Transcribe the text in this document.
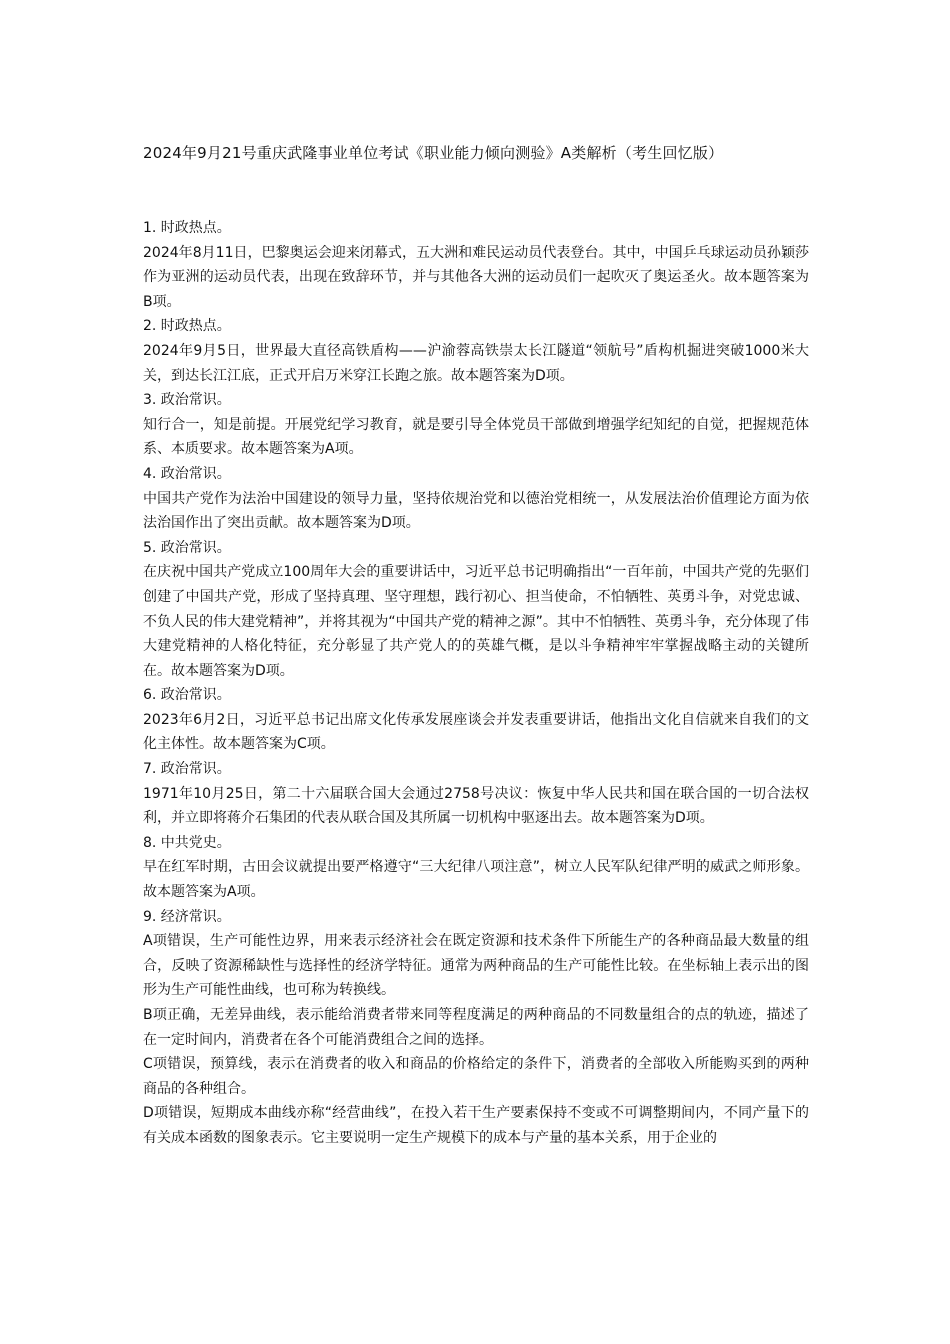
2024年9月21号重庆武隆事业单位考试《职业能力倾向测验》A类解析（考生回忆版）

1. 时政热点。

2024年8月11日，巴黎奥运会迎来闭幕式，五大洲和难民运动员代表登台。其中，中国乒乓球运动员孙颖莎作为亚洲的运动员代表，出现在致辞环节，并与其他各大洲的运动员们一起吹灭了奥运圣火。故本题答案为B项。

2. 时政热点。

2024年9月5日，世界最大直径高铁盾构——沪渝蓉高铁崇太长江隧道“领航号”盾构机掘进突破1000米大关，到达长江江底，正式开启万米穿江长跑之旅。故本题答案为D项。

3. 政治常识。

知行合一，知是前提。开展党纪学习教育，就是要引导全体党员干部做到增强学纪知纪的自觉，把握规范体系、本质要求。故本题答案为A项。

4. 政治常识。

中国共产党作为法治中国建设的领导力量，坚持依规治党和以德治党相统一，从发展法治价值理论方面为依法治国作出了突出贡献。故本题答案为D项。

5. 政治常识。

在庆祝中国共产党成立100周年大会的重要讲话中，习近平总书记明确指出“一百年前，中国共产党的先驱们创建了中国共产党，形成了坚持真理、坚守理想，践行初心、担当使命，不怕牺牲、英勇斗争，对党忠诚、不负人民的伟大建党精神”，并将其视为“中国共产党的精神之源”。其中不怕牺牲、英勇斗争，充分体现了伟大建党精神的人格化特征，充分彰显了共产党人的的英雄气概，是以斗争精神牢牢掌握战略主动的关键所在。故本题答案为D项。

6. 政治常识。

2023年6月2日，习近平总书记出席文化传承发展座谈会并发表重要讲话，他指出文化自信就来自我们的文化主体性。故本题答案为C项。

7. 政治常识。

1971年10月25日，第二十六届联合国大会通过2758号决议：恢复中华人民共和国在联合国的一切合法权利，并立即将蒋介石集团的代表从联合国及其所属一切机构中驱逐出去。故本题答案为D项。

8. 中共党史。

早在红军时期，古田会议就提出要严格遵守“三大纪律八项注意”，树立人民军队纪律严明的威武之师形象。故本题答案为A项。

9. 经济常识。

A项错误，生产可能性边界，用来表示经济社会在既定资源和技术条件下所能生产的各种商品最大数量的组合，反映了资源稀缺性与选择性的经济学特征。通常为两种商品的生产可能性比较。在坐标轴上表示出的图形为生产可能性曲线，也可称为转换线。

B项正确，无差异曲线，表示能给消费者带来同等程度满足的两种商品的不同数量组合的点的轨迹，描述了在一定时间内，消费者在各个可能消费组合之间的选择。

C项错误，预算线，表示在消费者的收入和商品的价格给定的条件下，消费者的全部收入所能购买到的两种商品的各种组合。

D项错误，短期成本曲线亦称“经营曲线”，在投入若干生产要素保持不变或不可调整期间内，不同产量下的有关成本函数的图象表示。它主要说明一定生产规模下的成本与产量的基本关系，用于企业的
